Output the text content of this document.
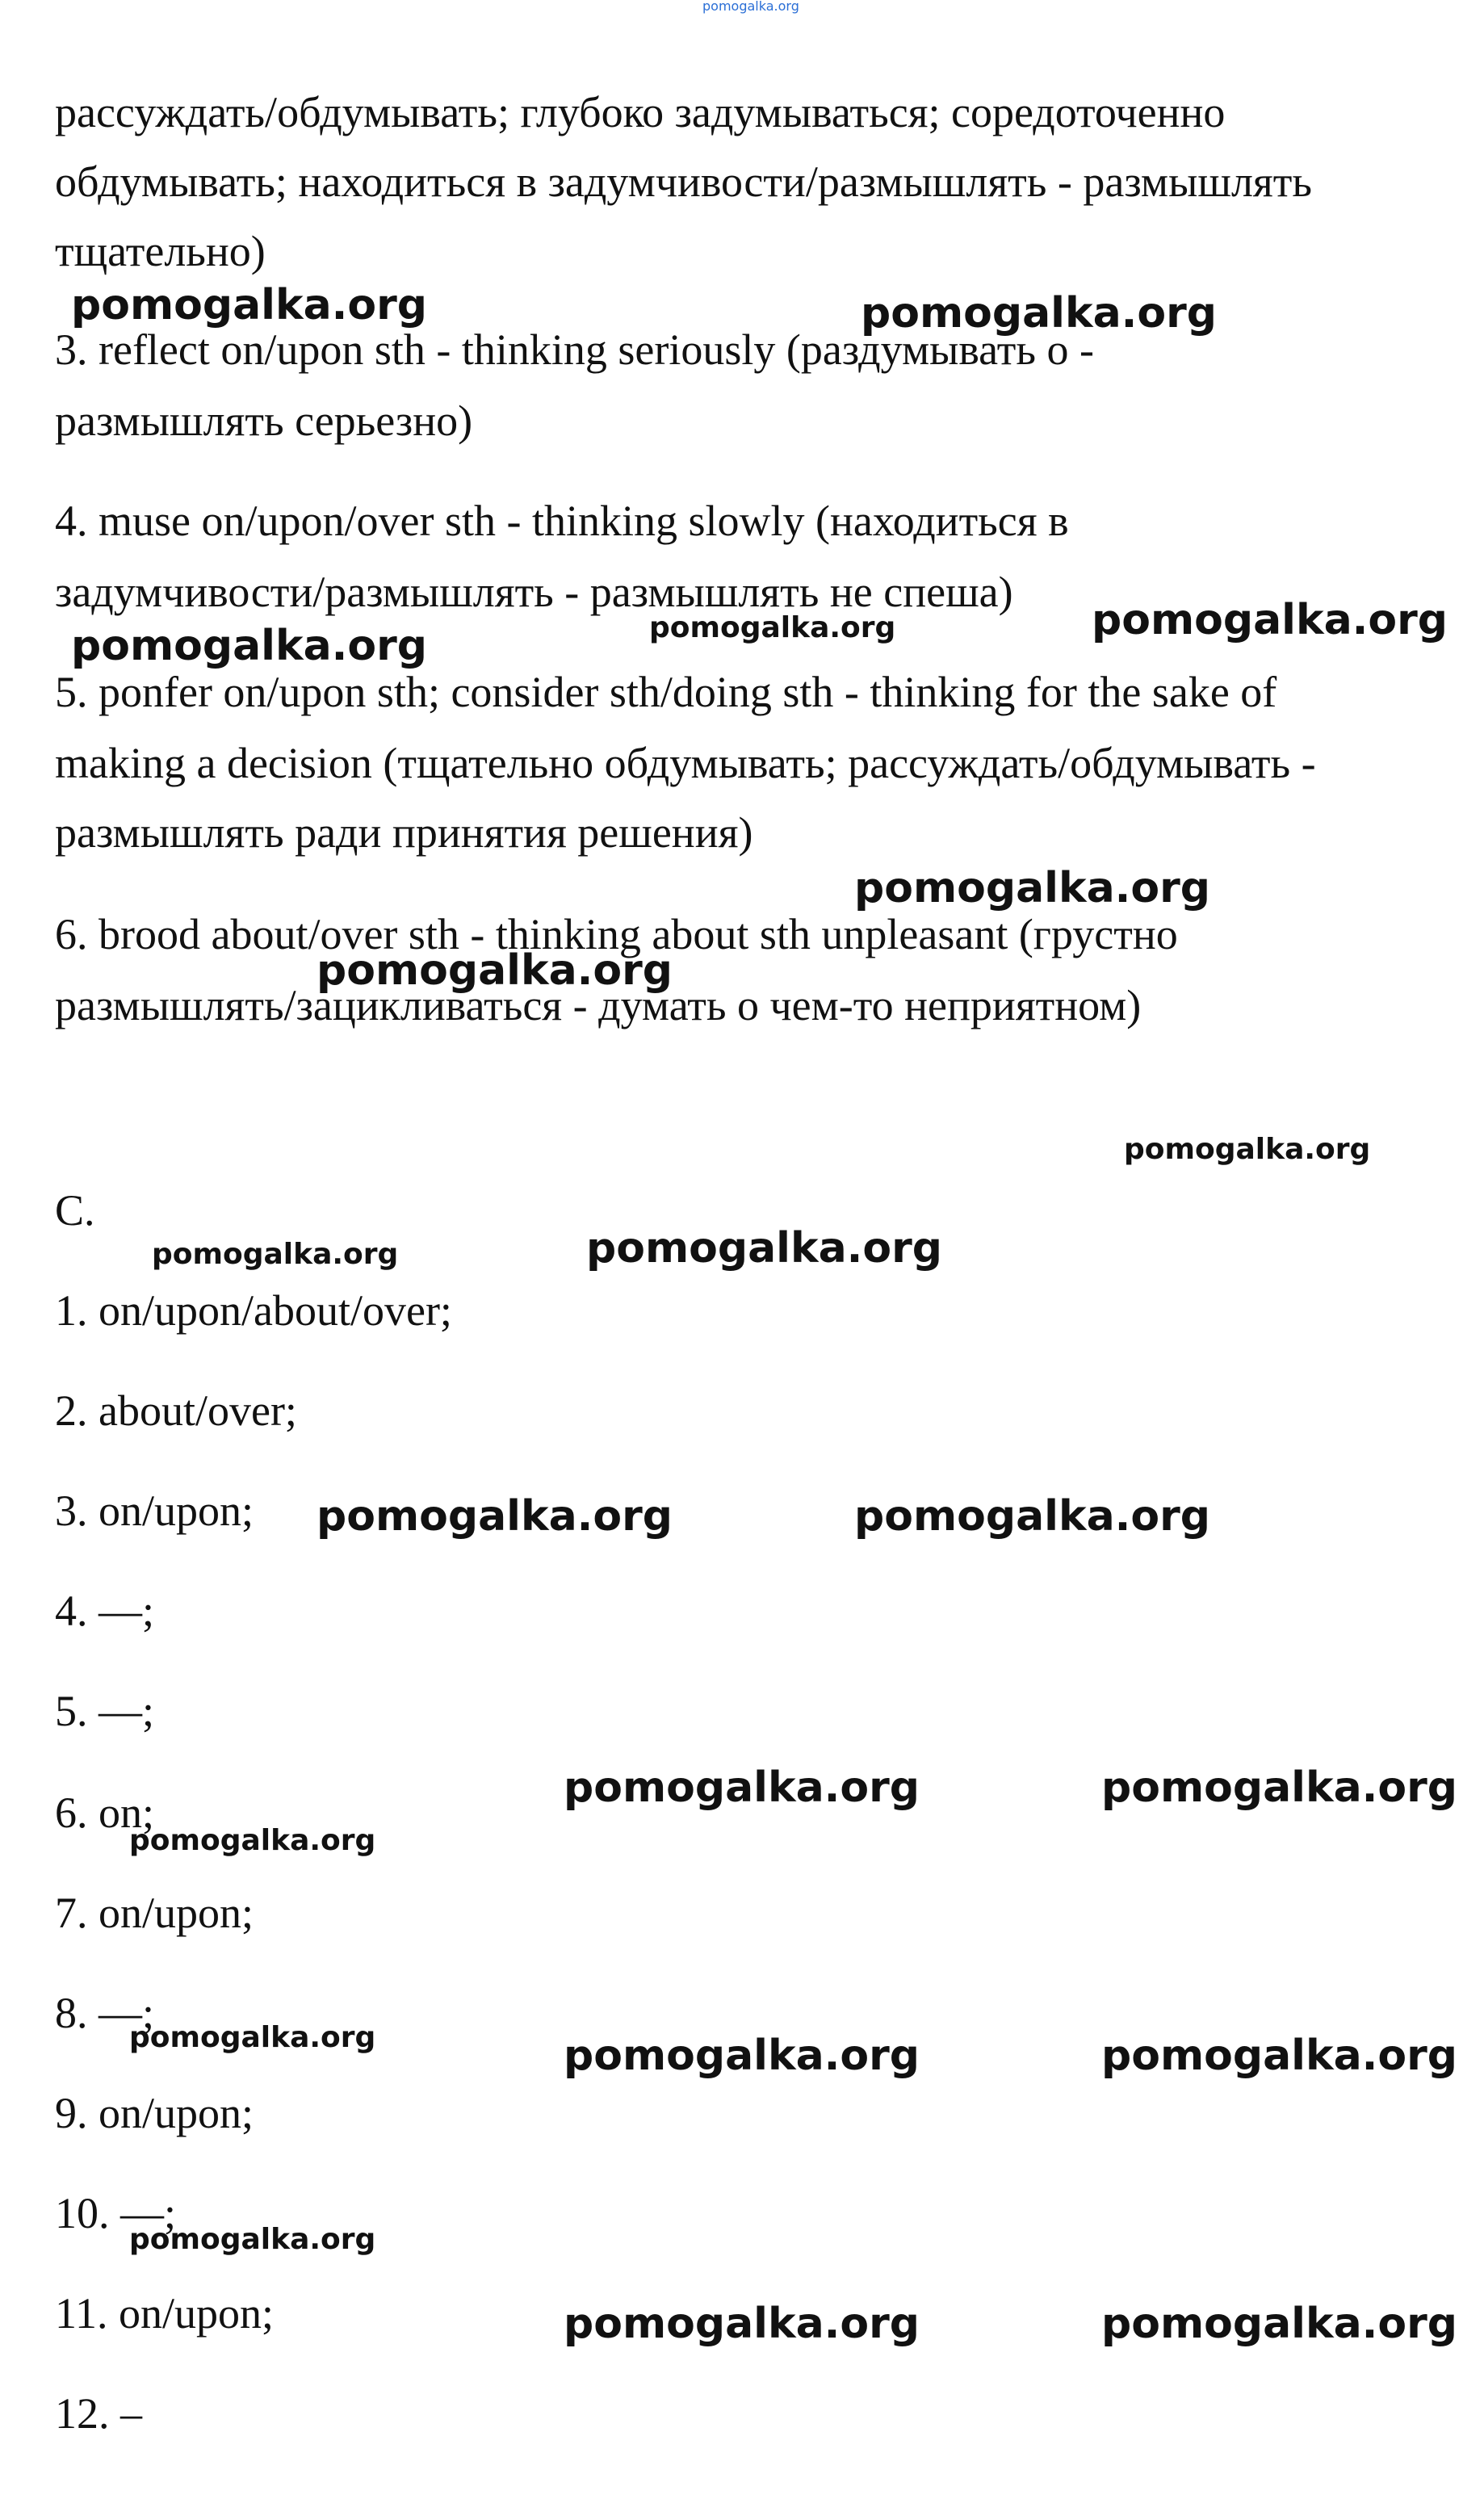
pomogalka.org
рассуждать/обдумывать; глубоко задумываться; соредоточенно
обдумывать; находиться в задумчивости/размышлять - размышлять
тщательно)
3. reflect on/upon sth - thinking seriously (раздумывать о -
размышлять серьезно)
4. muse on/upon/over sth - thinking slowly (находиться в
задумчивости/размышлять - размышлять не спеша)
5. ponfer on/upon sth; consider sth/doing sth - thinking for the sake of
making a decision (тщательно обдумывать; рассуждать/обдумывать -
размышлять ради принятия решения)
6. brood about/over sth - thinking about sth unpleasant (грустно
размышлять/зацикливаться - думать о чем-то неприятном)
C.
1. on/upon/about/over;
2. about/over;
3. on/upon;
4. —;
5. —;
6. on;
7. on/upon;
8. —;
9. on/upon;
10. —;
11. on/upon;
12. –
pomogalka.org	pomogalka.org
pomogalka.org	pomogalka.org
pomogalka.org
pomogalka.org
pomogalka.org
pomogalka.org
pomogalka.org	pomogalka.org
pomogalka.org	pomogalka.org
pomogalka.org	pomogalka.org
pomogalka.org
pomogalka.org	pomogalka.org	pomogalka.org
pomogalka.org
pomogalka.org	pomogalka.org
